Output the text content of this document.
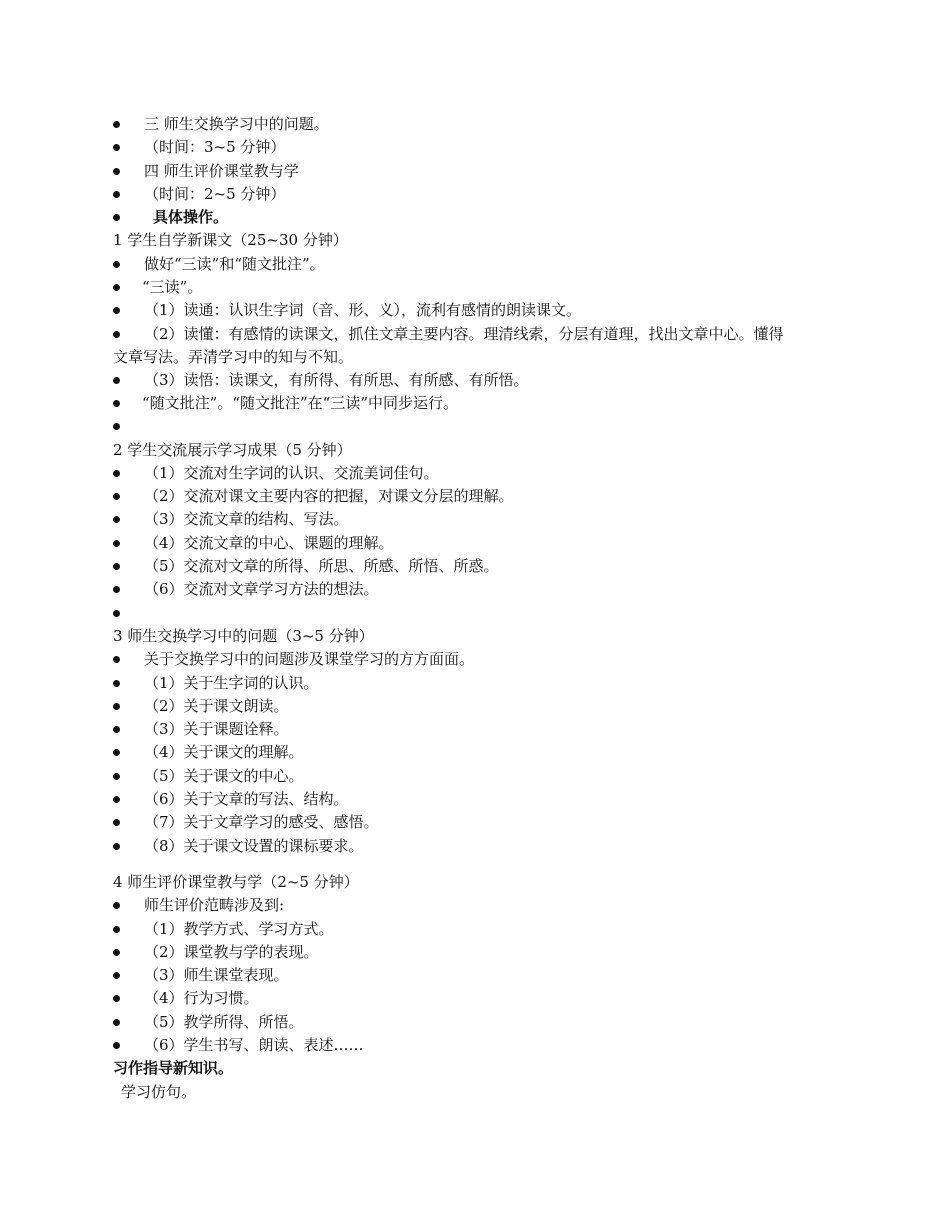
三 师生交换学习中的问题。
（时间：3~5 分钟）
四 师生评价课堂教与学
（时间：2~5 分钟）
具体操作。
1 学生自学新课文（25~30 分钟）
做好“三读”和“随文批注”。
“三读”。
（1）读通：认识生字词（音、形、义），流利有感情的朗读课文。
（2）读懂：有感情的读课文，抓住文章主要内容。理清线索，分层有道理，找出文章中心。懂得
文章写法。弄清学习中的知与不知。
（3）读悟：读课文，有所得、有所思、有所感、有所悟。
“随文批注”。“随文批注”在“三读”中同步运行。
2 学生交流展示学习成果（5 分钟）
（1）交流对生字词的认识、交流美词佳句。
（2）交流对课文主要内容的把握，对课文分层的理解。
（3）交流文章的结构、写法。
（4）交流文章的中心、课题的理解。
（5）交流对文章的所得、所思、所感、所悟、所惑。
（6）交流对文章学习方法的想法。
3 师生交换学习中的问题（3~5 分钟）
关于交换学习中的问题涉及课堂学习的方方面面。
（1）关于生字词的认识。
（2）关于课文朗读。
（3）关于课题诠释。
（4）关于课文的理解。
（5）关于课文的中心。
（6）关于文章的写法、结构。
（7）关于文章学习的感受、感悟。
（8）关于课文设置的课标要求。
4 师生评价课堂教与学（2~5 分钟）
师生评价范畴涉及到:
（1）教学方式、学习方式。
（2）课堂教与学的表现。
（3）师生课堂表现。
（4）行为习惯。
（5）教学所得、所悟。
（6）学生书写、朗读、表述……
习作指导新知识。
学习仿句。
